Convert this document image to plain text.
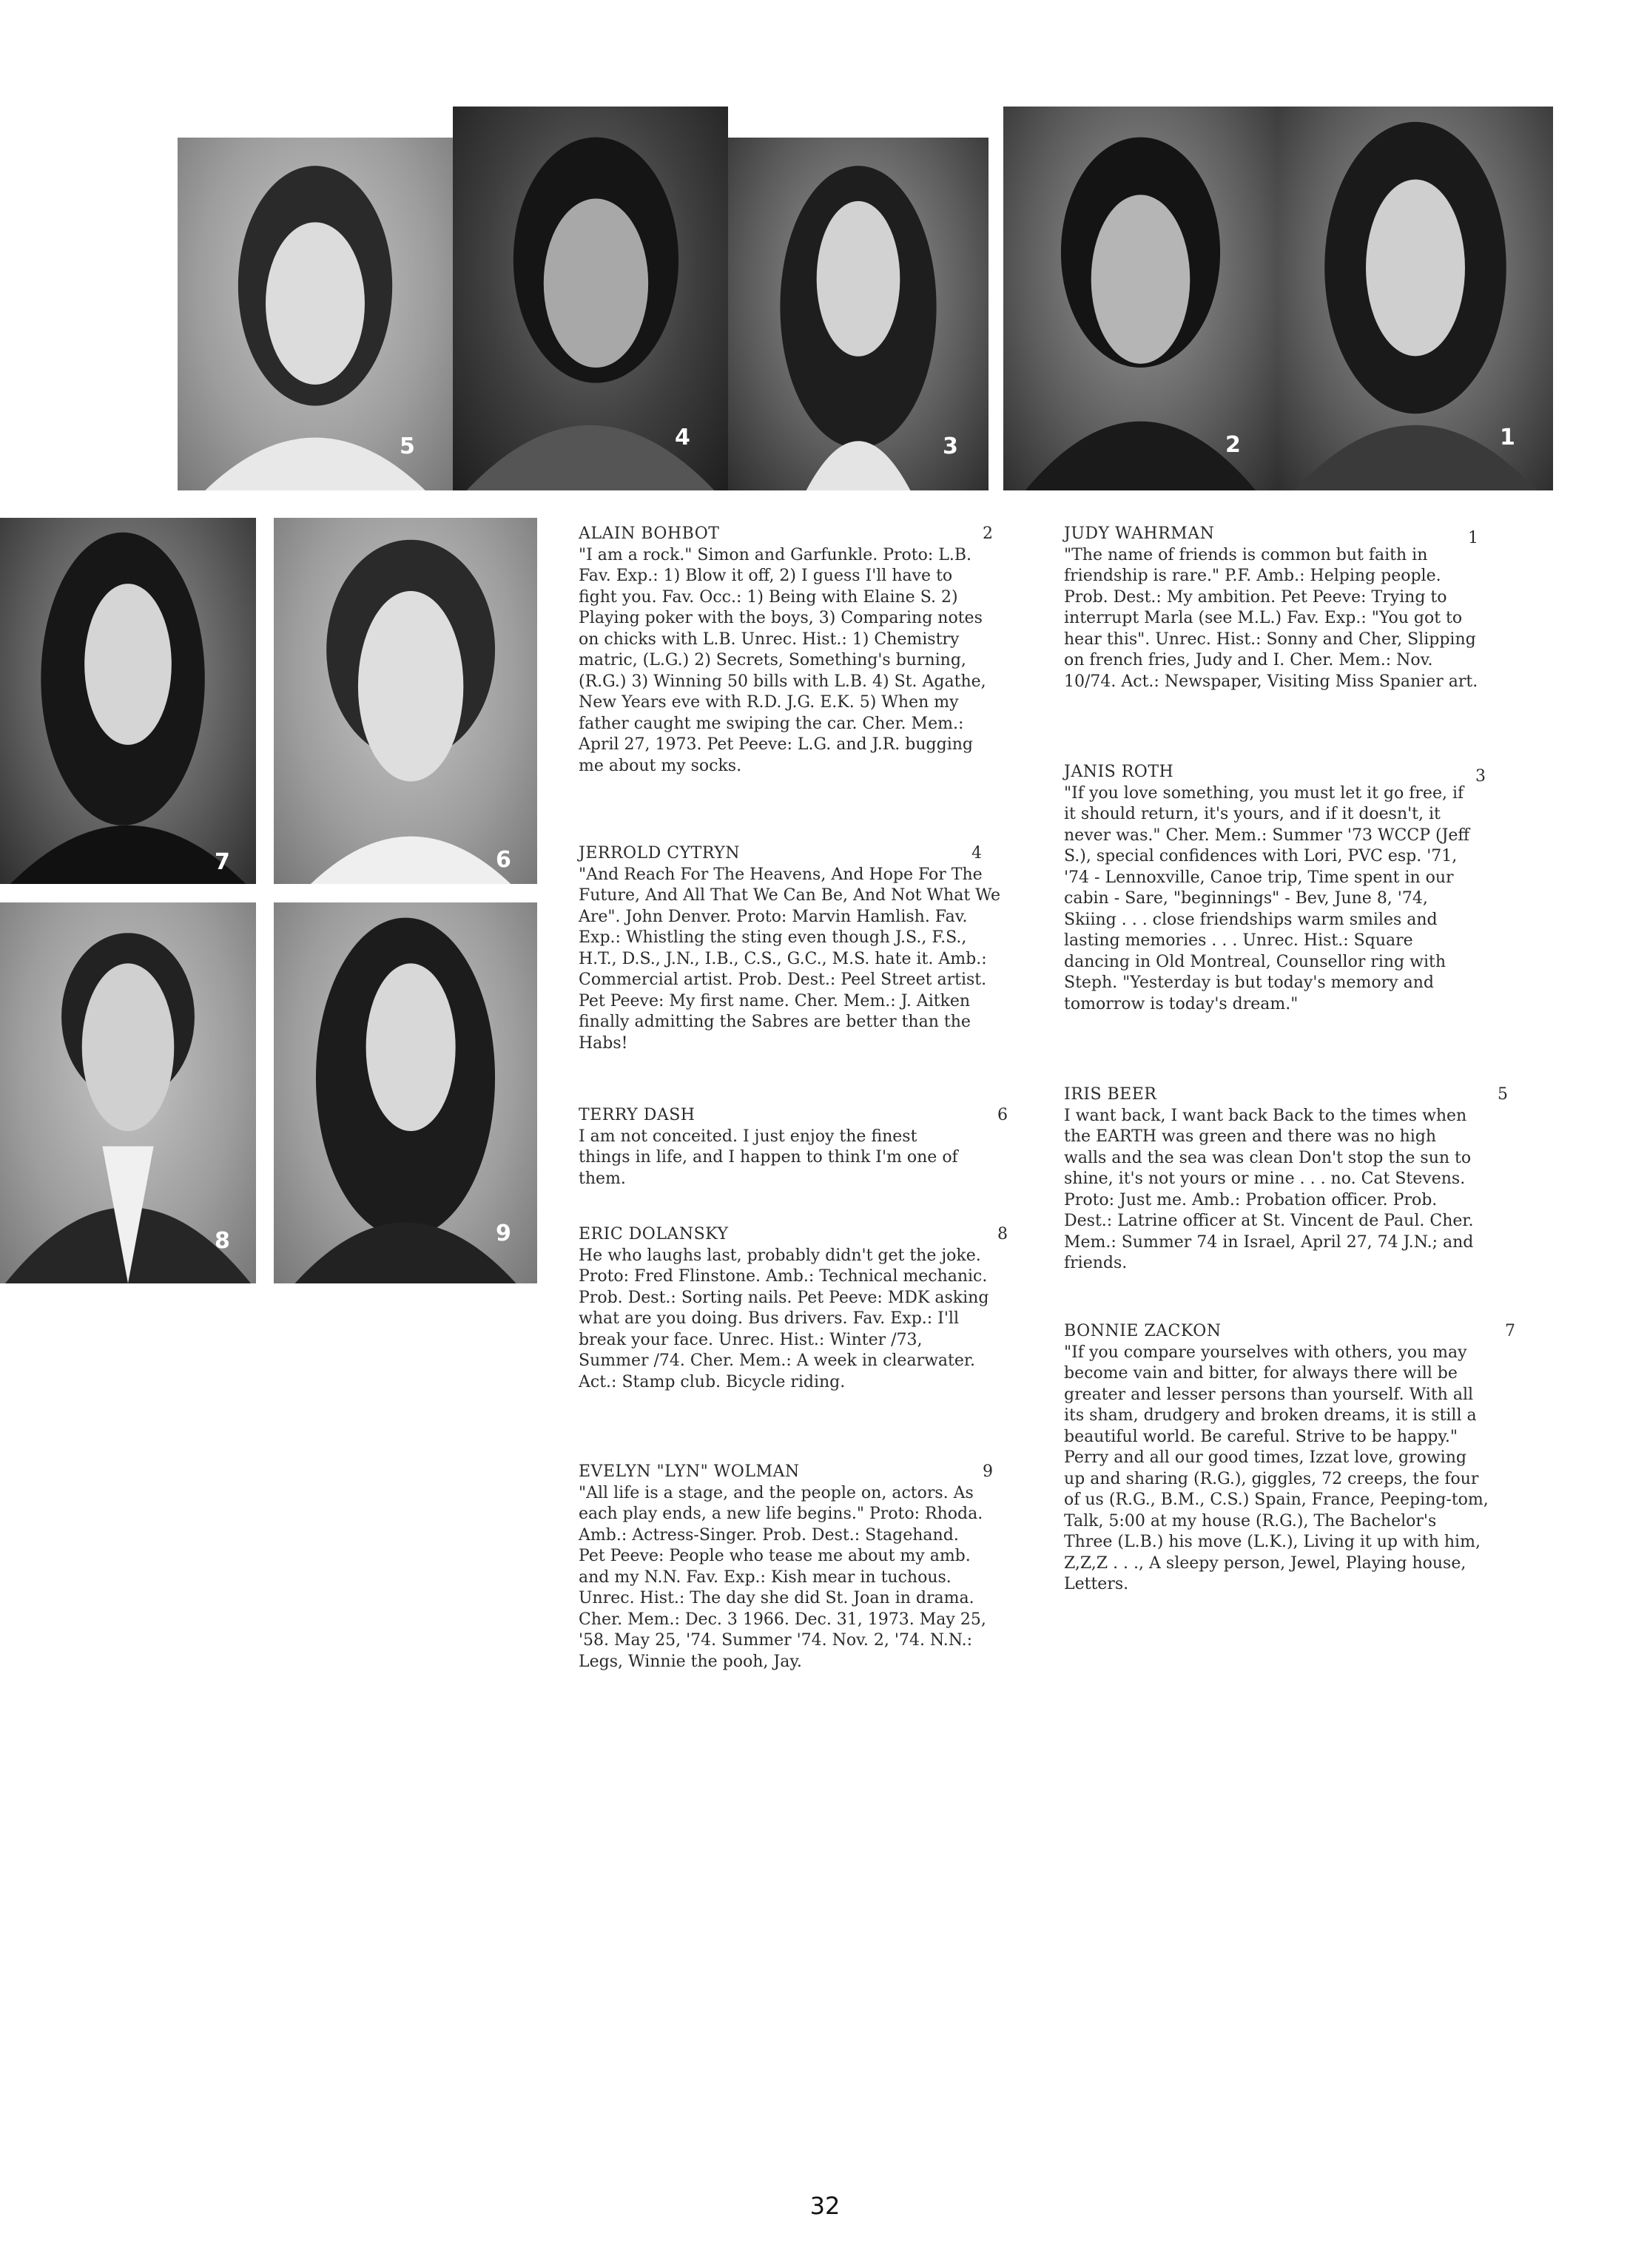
5	4	3	2	1
7	6
8	9
ALAIN BOHBOT	2

"I am a rock." Simon and Garfunkle. Proto: L.B. Fav. Exp.: 1) Blow it off, 2) I guess I'll have to fight you. Fav. Occ.: 1) Being with Elaine S. 2) Playing poker with the boys, 3) Comparing notes on chicks with L.B. Unrec. Hist.: 1) Chemistry matric, (L.G.) 2) Secrets, Something's burning, (R.G.) 3) Winning 50 bills with L.B. 4) St. Agathe, New Years eve with R.D. J.G. E.K. 5) When my father caught me swiping the car. Cher. Mem.: April 27, 1973. Pet Peeve: L.G. and J.R. bugging me about my socks.

JERROLD CYTRYN	4

"And Reach For The Heavens, And Hope For The Future, And All That We Can Be, And Not What We Are". John Denver. Proto: Marvin Hamlish. Fav. Exp.: Whistling the sting even though J.S., F.S., H.T., D.S., J.N., I.B., C.S., G.C., M.S. hate it. Amb.: Commercial artist. Prob. Dest.: Peel Street artist. Pet Peeve: My first name. Cher. Mem.: J. Aitken finally admitting the Sabres are better than the Habs!

TERRY DASH	6

I am not conceited. I just enjoy the finest things in life, and I happen to think I'm one of them.

ERIC DOLANSKY	8

He who laughs last, probably didn't get the joke. Proto: Fred Flinstone. Amb.: Technical mechanic. Prob. Dest.: Sorting nails. Pet Peeve: MDK asking what are you doing. Bus drivers. Fav. Exp.: I'll break your face. Unrec. Hist.: Winter /73, Summer /74. Cher. Mem.: A week in clearwater. Act.: Stamp club. Bicycle riding.

EVELYN "LYN" WOLMAN	9

"All life is a stage, and the people on, actors. As each play ends, a new life begins." Proto: Rhoda. Amb.: Actress-Singer. Prob. Dest.: Stagehand. Pet Peeve: People who tease me about my amb. and my N.N. Fav. Exp.: Kish mear in tuchous. Unrec. Hist.: The day she did St. Joan in drama. Cher. Mem.: Dec. 3 1966. Dec. 31, 1973. May 25, '58. May 25, '74. Summer '74. Nov. 2, '74. N.N.: Legs, Winnie the pooh, Jay.

JUDY WAHRMAN	1

"The name of friends is common but faith in friendship is rare." P.F. Amb.: Helping people. Prob. Dest.: My ambition. Pet Peeve: Trying to interrupt Marla (see M.L.) Fav. Exp.: "You got to hear this". Unrec. Hist.: Sonny and Cher, Slipping on french fries, Judy and I. Cher. Mem.: Nov. 10/74. Act.: Newspaper, Visiting Miss Spanier art.

JANIS ROTH	3

"If you love something, you must let it go free, if it should return, it's yours, and if it doesn't, it never was." Cher. Mem.: Summer '73 WCCP (Jeff S.), special confidences with Lori, PVC esp. '71, '74 - Lennoxville, Canoe trip, Time spent in our cabin - Sare, "beginnings" - Bev, June 8, '74, Skiing . . . close friendships warm smiles and lasting memories . . . Unrec. Hist.: Square dancing in Old Montreal, Counsellor ring with Steph. "Yesterday is but today's memory and tomorrow is today's dream."

IRIS BEER	5

I want back, I want back Back to the times when the EARTH was green and there was no high walls and the sea was clean Don't stop the sun to shine, it's not yours or mine . . . no. Cat Stevens. Proto: Just me. Amb.: Probation officer. Prob. Dest.: Latrine officer at St. Vincent de Paul. Cher. Mem.: Summer 74 in Israel, April 27, 74 J.N.; and friends.

BONNIE ZACKON	7

"If you compare yourselves with others, you may become vain and bitter, for always there will be greater and lesser persons than yourself. With all its sham, drudgery and broken dreams, it is still a beautiful world. Be careful. Strive to be happy." Perry and all our good times, Izzat love, growing up and sharing (R.G.), giggles, 72 creeps, the four of us (R.G., B.M., C.S.) Spain, France, Peeping-tom, Talk, 5:00 at my house (R.G.), The Bachelor's Three (L.B.) his move (L.K.), Living it up with him, Z,Z,Z . . ., A sleepy person, Jewel, Playing house, Letters.

32
